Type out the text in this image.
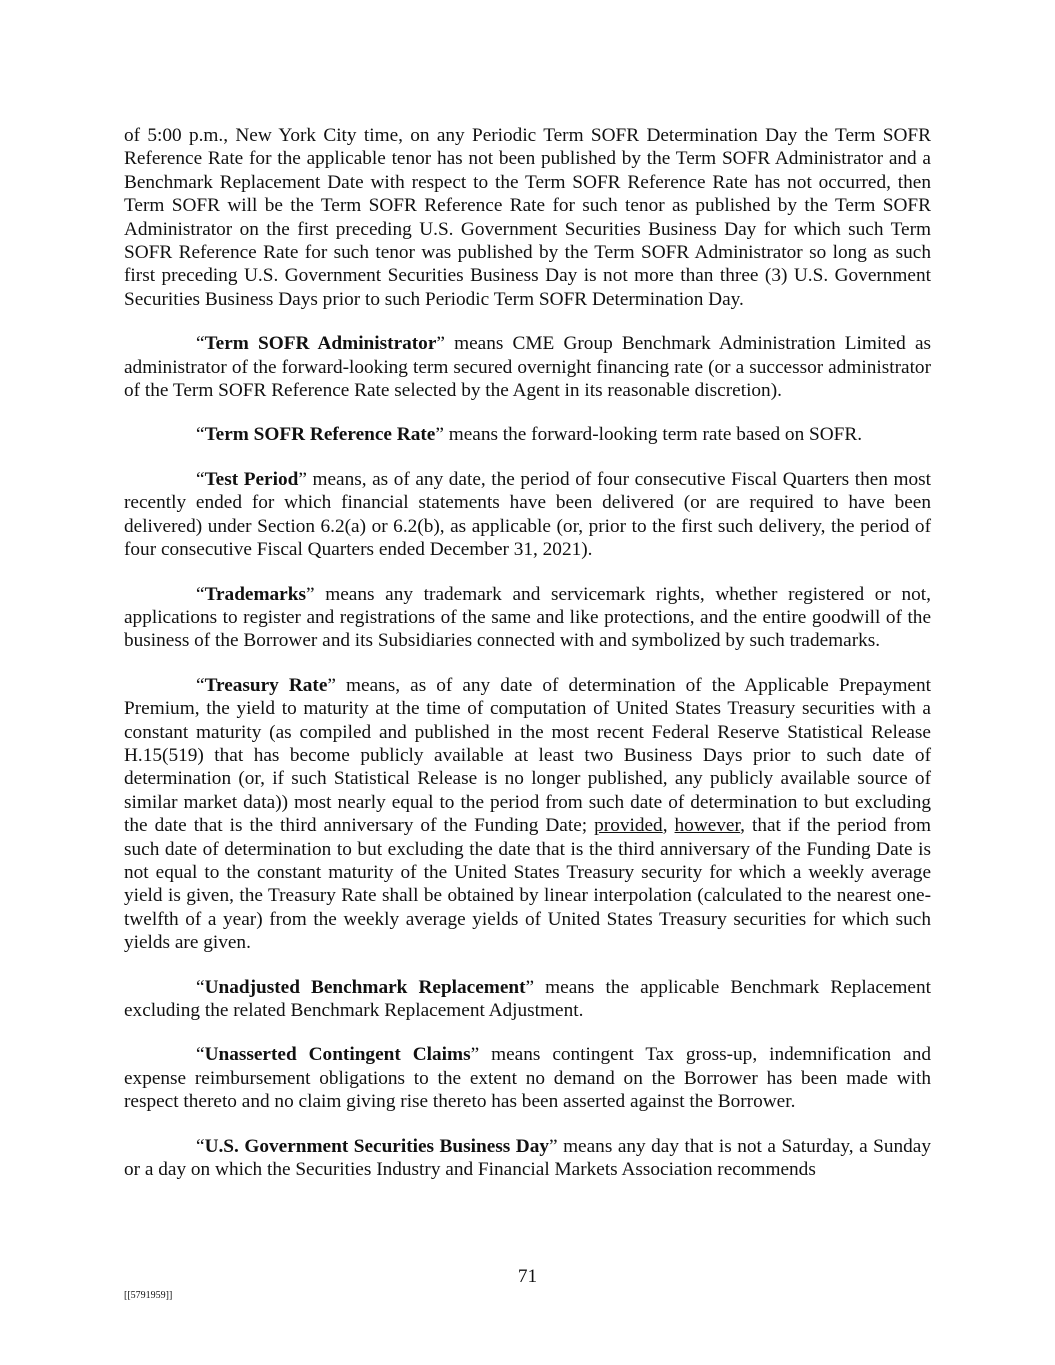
of 5:00 p.m., New York City time, on any Periodic Term SOFR Determination Day the Term SOFR Reference Rate for the applicable tenor has not been published by the Term SOFR Administrator and a Benchmark Replacement Date with respect to the Term SOFR Reference Rate has not occurred, then Term SOFR will be the Term SOFR Reference Rate for such tenor as published by the Term SOFR Administrator on the first preceding U.S. Government Securities Business Day for which such Term SOFR Reference Rate for such tenor was published by the Term SOFR Administrator so long as such first preceding U.S. Government Securities Business Day is not more than three (3) U.S. Government Securities Business Days prior to such Periodic Term SOFR Determination Day.

“Term SOFR Administrator” means CME Group Benchmark Administration Limited as administrator of the forward-looking term secured overnight financing rate (or a successor administrator of the Term SOFR Reference Rate selected by the Agent in its reasonable discretion).

“Term SOFR Reference Rate” means the forward-looking term rate based on SOFR.

“Test Period” means, as of any date, the period of four consecutive Fiscal Quarters then most recently ended for which financial statements have been delivered (or are required to have been delivered) under Section 6.2(a) or 6.2(b), as applicable (or, prior to the first such delivery, the period of four consecutive Fiscal Quarters ended December 31, 2021).

“Trademarks” means any trademark and servicemark rights, whether registered or not, applications to register and registrations of the same and like protections, and the entire goodwill of the business of the Borrower and its Subsidiaries connected with and symbolized by such trademarks.

“Treasury Rate” means, as of any date of determination of the Applicable Prepayment Premium, the yield to maturity at the time of computation of United States Treasury securities with a constant maturity (as compiled and published in the most recent Federal Reserve Statistical Release H.15(519) that has become publicly available at least two Business Days prior to such date of determination (or, if such Statistical Release is no longer published, any publicly available source of similar market data)) most nearly equal to the period from such date of determination to but excluding the date that is the third anniversary of the Funding Date; provided, however, that if the period from such date of determination to but excluding the date that is the third anniversary of the Funding Date is not equal to the constant maturity of the United States Treasury security for which a weekly average yield is given, the Treasury Rate shall be obtained by linear interpolation (calculated to the nearest one-twelfth of a year) from the weekly average yields of United States Treasury securities for which such yields are given.

“Unadjusted Benchmark Replacement” means the applicable Benchmark Replacement excluding the related Benchmark Replacement Adjustment.

“Unasserted Contingent Claims” means contingent Tax gross-up, indemnification and expense reimbursement obligations to the extent no demand on the Borrower has been made with respect thereto and no claim giving rise thereto has been asserted against the Borrower.

“U.S. Government Securities Business Day” means any day that is not a Saturday, a Sunday or a day on which the Securities Industry and Financial Markets Association recommends

71
[[5791959]]
